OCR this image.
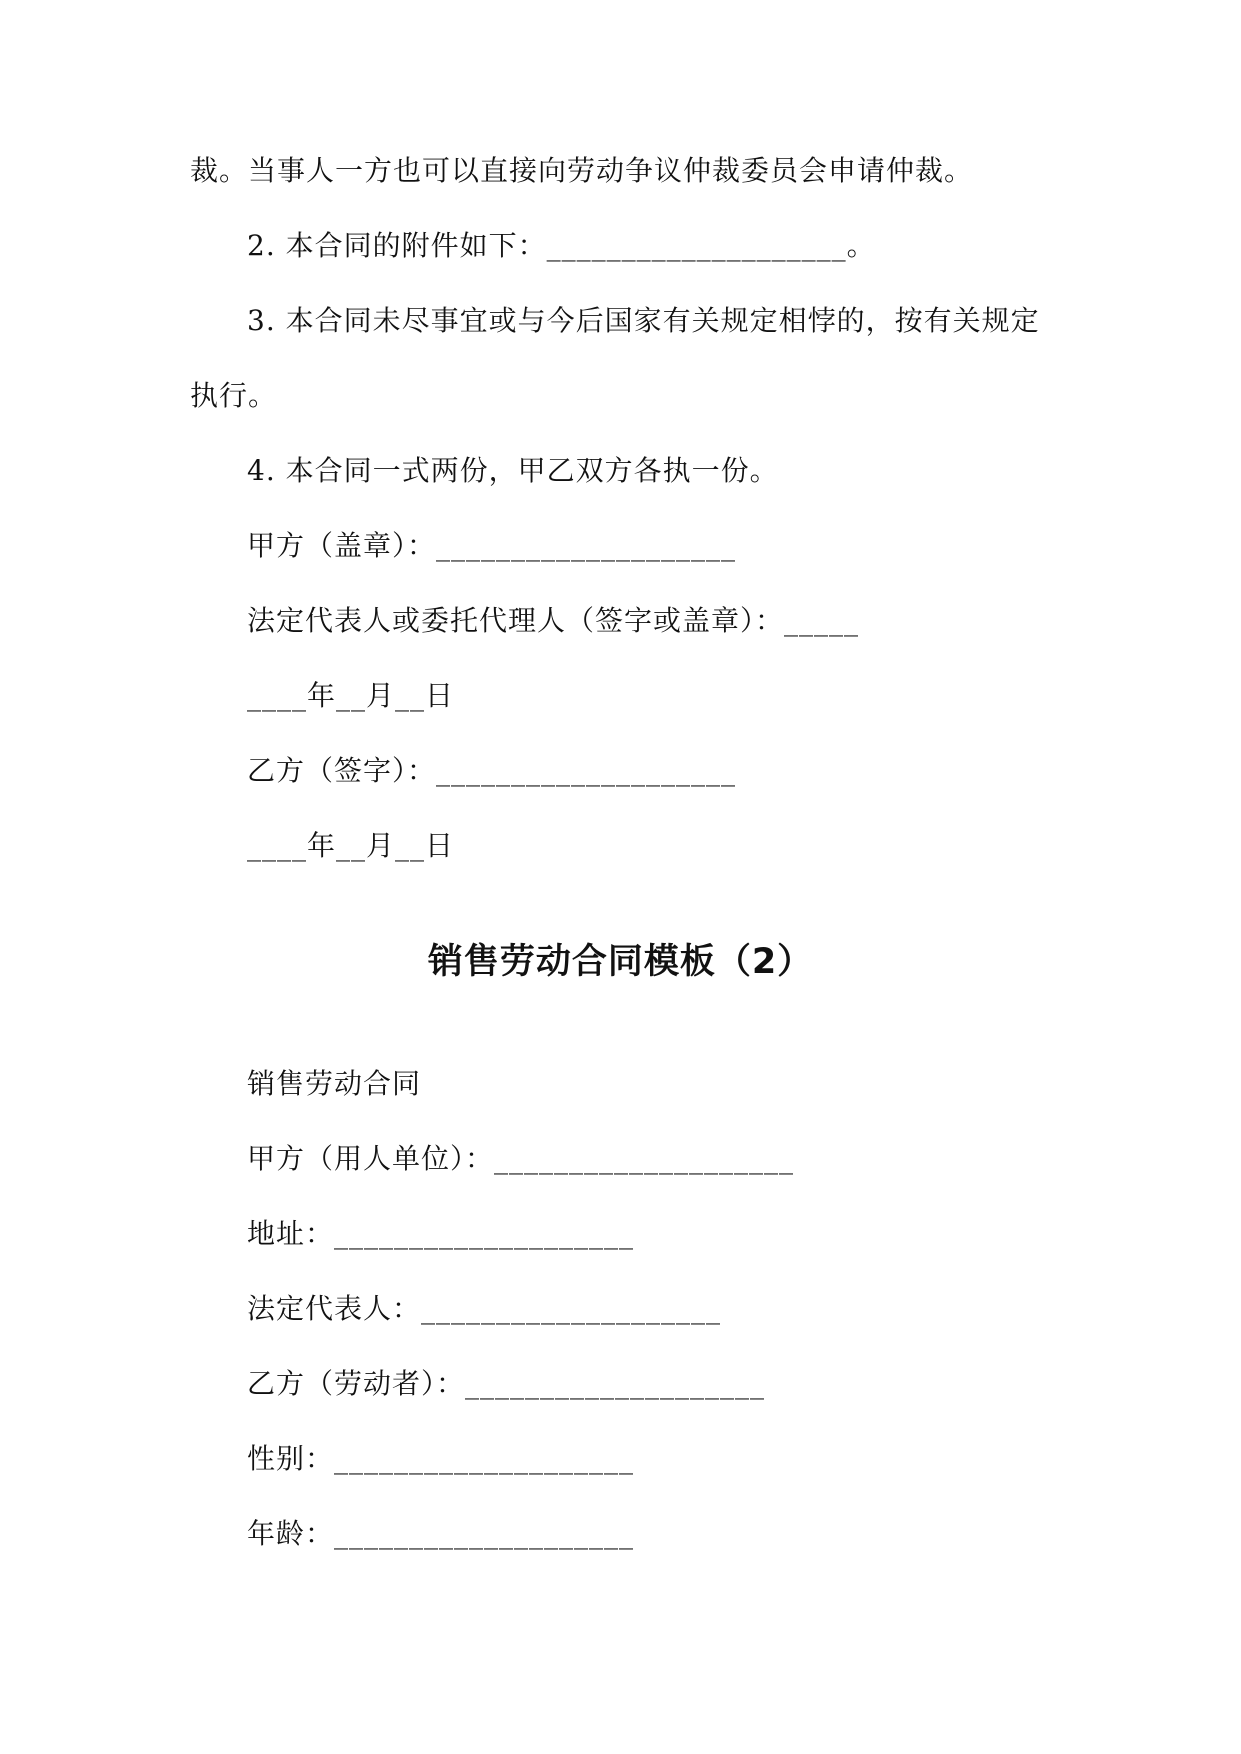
裁。当事人一方也可以直接向劳动争议仲裁委员会申请仲裁。
2. 本合同的附件如下：____________________。
3. 本合同未尽事宜或与今后国家有关规定相悖的，按有关规定
执行。
4. 本合同一式两份，甲乙双方各执一份。
甲方（盖章）：____________________
法定代表人或委托代理人（签字或盖章）：_____
____年__月__日
乙方（签字）：____________________
____年__月__日
销售劳动合同模板（2）
销售劳动合同
甲方（用人单位）：____________________
地址：____________________
法定代表人：____________________
乙方（劳动者）：____________________
性别：____________________
年龄：____________________
